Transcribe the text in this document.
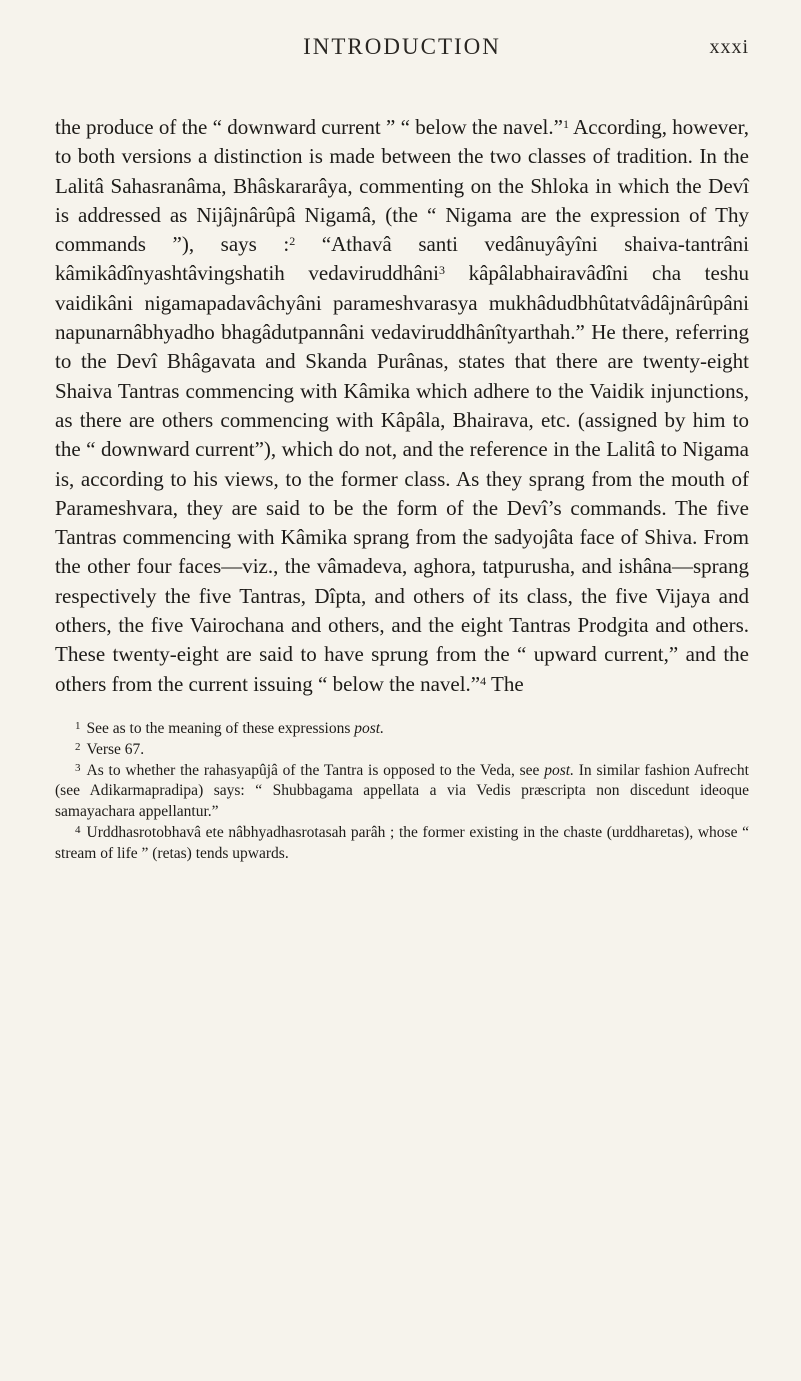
INTRODUCTION	xxxi

the produce of the “ downward current ” “ below the navel.”$^1$ According, however, to both versions a distinction is made between the two classes of tradition. In the Lalitâ Sahasranâma, Bhâskararâya, commenting on the Shloka in which the Devî is addressed as Nijâjnârûpâ Nigamâ, (the “ Nigama are the expression of Thy commands ”), says :$^2$ “Athavâ santi vedânuyâyîni shaiva-tantrâni kâmikâdînyashtâvingshatih vedaviruddhâni$^3$ kâpâlabhairavâdîni cha teshu vaidikâni nigamapadavâchyâni parameshvarasya mukhâdudbhûtatvâdâjnârûpâni napunarnâbhyadho bhagâdutpannâni vedaviruddhânîtyarthah.” He there, referring to the Devî Bhâgavata and Skanda Purânas, states that there are twenty-eight Shaiva Tantras commencing with Kâmika which adhere to the Vaidik injunctions, as there are others commencing with Kâpâla, Bhairava, etc. (assigned by him to the “ downward current”), which do not, and the reference in the Lalitâ to Nigama is, according to his views, to the former class. As they sprang from the mouth of Parameshvara, they are said to be the form of the Devî’s commands. The five Tantras commencing with Kâmika sprang from the sadyojâta face of Shiva. From the other four faces—viz., the vâmadeva, aghora, tatpurusha, and ishâna—sprang respectively the five Tantras, Dîpta, and others of its class, the five Vijaya and others, the five Vairochana and others, and the eight Tantras Prodgita and others. These twenty-eight are said to have sprung from the “ upward current,” and the others from the current issuing “ below the navel.”$^4$ The

$^1$ See as to the meaning of these expressions post.

$^2$ Verse 67.

$^3$ As to whether the rahasyapûjâ of the Tantra is opposed to the Veda, see post. In similar fashion Aufrecht (see Adikarmapradipa) says: “ Shubbagama appellata a via Vedis præscripta non discedunt ideoque samayachara appellantur.”

$^4$ Urddhasrotobhavâ ete nâbhyadhasrotasah parâh ; the former existing in the chaste (urddharetas), whose “ stream of life ” (retas) tends upwards.
